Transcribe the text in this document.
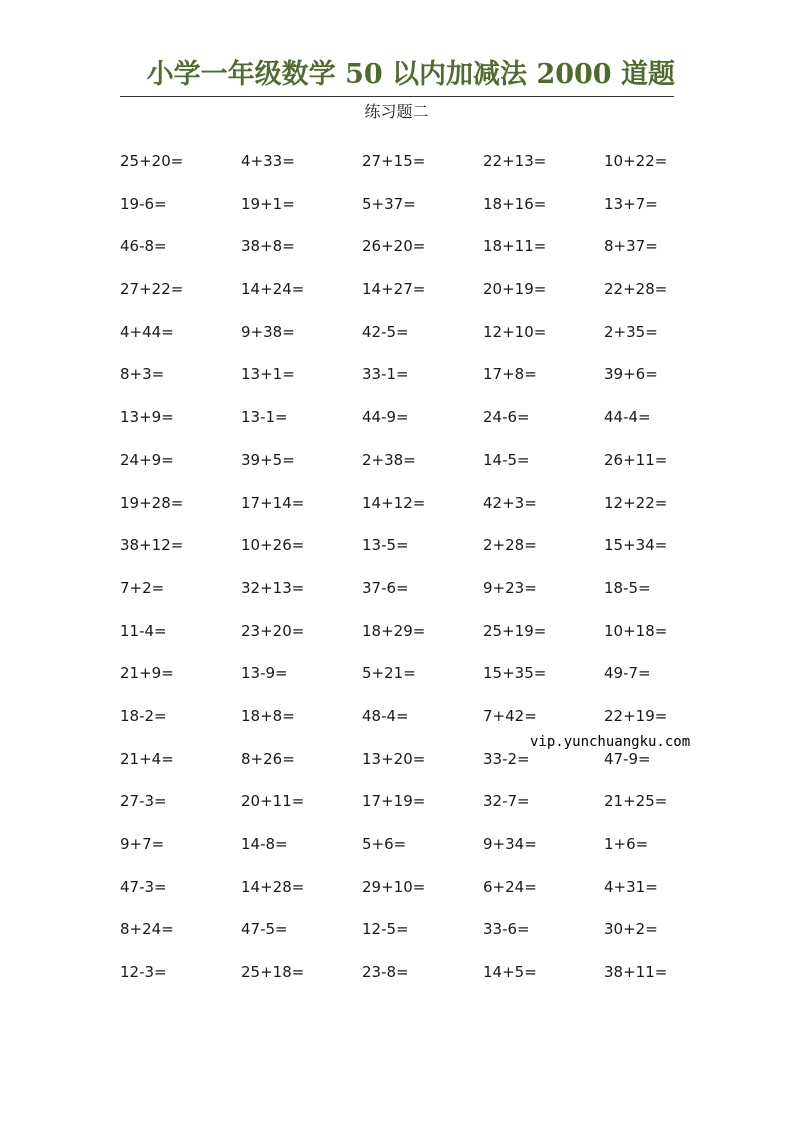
小学一年级数学 50 以内加减法 2000 道题
练习题二
25+20=	4+33=	27+15=	22+13=	10+22=
19-6=	19+1=	5+37=	18+16=	13+7=
46-8=	38+8=	26+20=	18+11=	8+37=
27+22=	14+24=	14+27=	20+19=	22+28=
4+44=	9+38=	42-5=	12+10=	2+35=
8+3=	13+1=	33-1=	17+8=	39+6=
13+9=	13-1=	44-9=	24-6=	44-4=
24+9=	39+5=	2+38=	14-5=	26+11=
19+28=	17+14=	14+12=	42+3=	12+22=
38+12=	10+26=	13-5=	2+28=	15+34=
7+2=	32+13=	37-6=	9+23=	18-5=
11-4=	23+20=	18+29=	25+19=	10+18=
21+9=	13-9=	5+21=	15+35=	49-7=
18-2=	18+8=	48-4=	7+42=	22+19=
21+4=	8+26=	13+20=	33-2=	47-9=
27-3=	20+11=	17+19=	32-7=	21+25=
9+7=	14-8=	5+6=	9+34=	1+6=
47-3=	14+28=	29+10=	6+24=	4+31=
8+24=	47-5=	12-5=	33-6=	30+2=
12-3=	25+18=	23-8=	14+5=	38+11=
vip.yunchuangku.com
